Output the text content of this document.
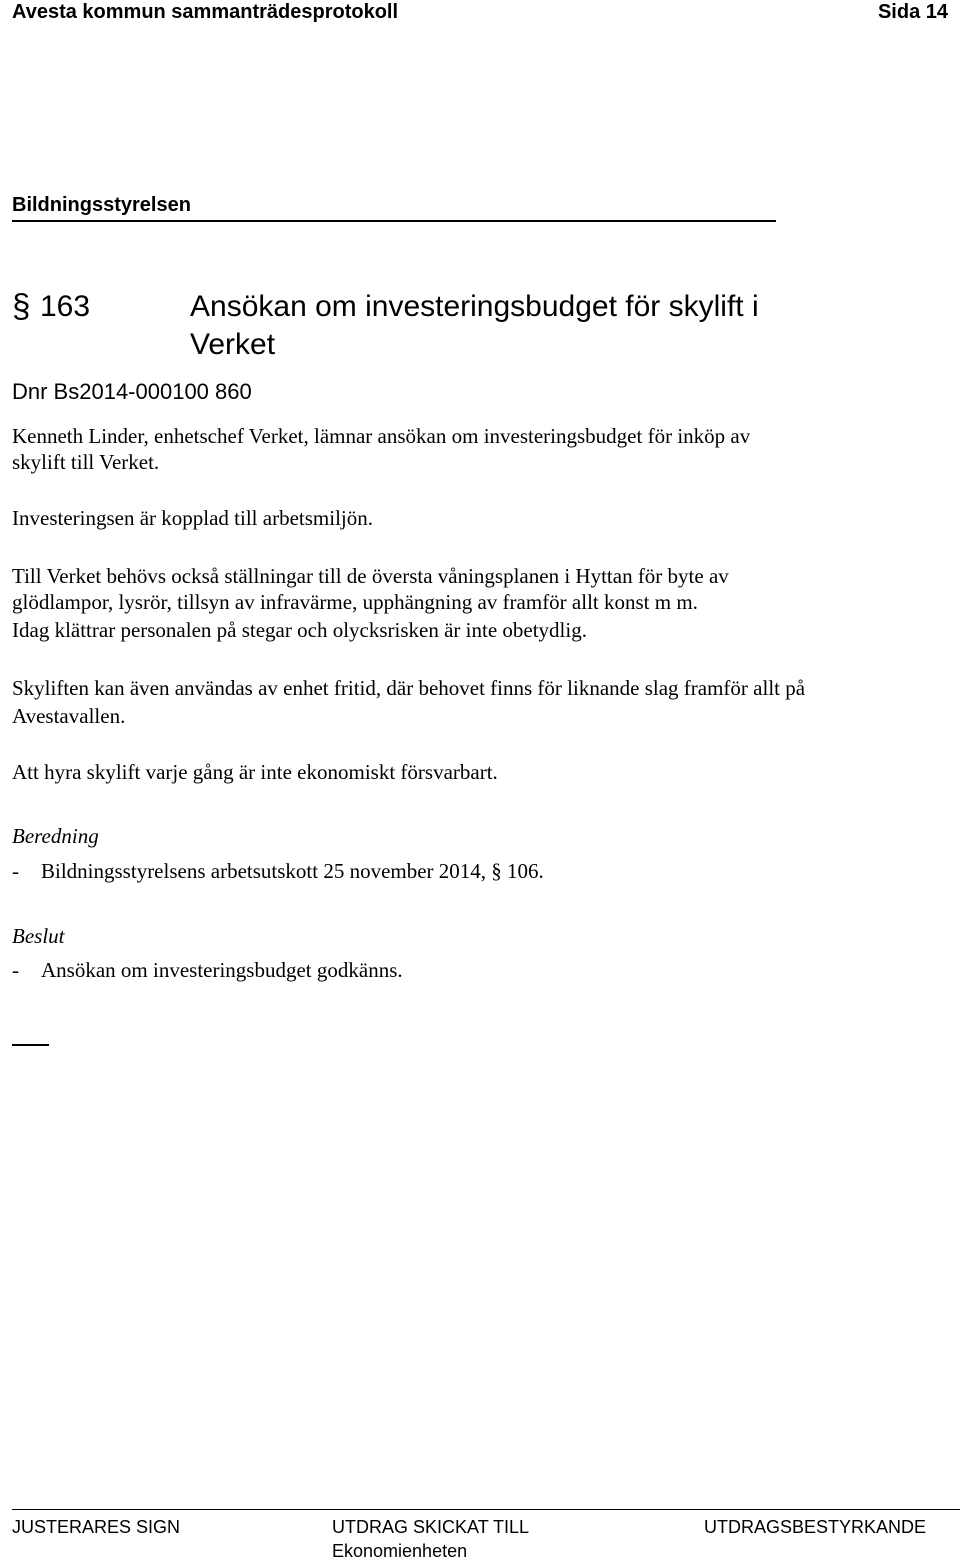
Avesta kommun sammanträdesprotokoll	Sida 14
Bildningsstyrelsen
§ 163	Ansökan om investeringsbudget för skylift i
Verket
Dnr Bs2014-000100 860
Kenneth Linder, enhetschef Verket, lämnar ansökan om investeringsbudget för inköp av
skylift till Verket.
Investeringsen är kopplad till arbetsmiljön.
Till Verket behövs också ställningar till de översta våningsplanen i Hyttan för byte av
glödlampor, lysrör, tillsyn av infravärme, upphängning av framför allt konst m m.
Idag klättrar personalen på stegar och olycksrisken är inte obetydlig.
Skyliften kan även användas av enhet fritid, där behovet finns för liknande slag framför allt på
Avestavallen.
Att hyra skylift varje gång är inte ekonomiskt försvarbart.
Beredning
- Bildningsstyrelsens arbetsutskott 25 november 2014, § 106.
Beslut
- Ansökan om investeringsbudget godkänns.
JUSTERARES SIGN	UTDRAG SKICKAT TILL
Ekonomienheten
UTDRAGSBESTYRKANDE
